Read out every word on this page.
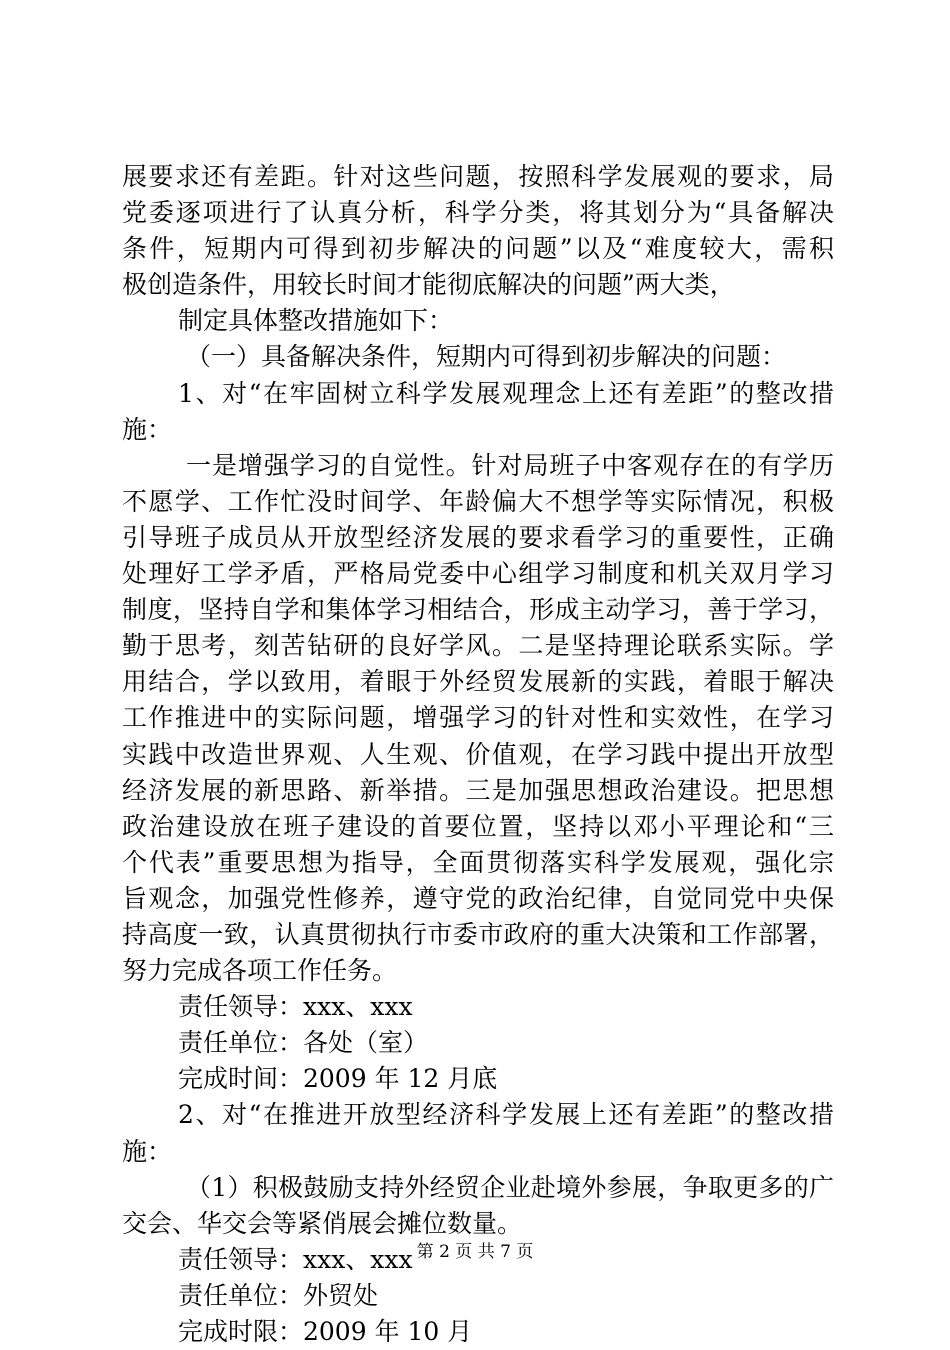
展要求还有差距。针对这些问题，按照科学发展观的要求，局
党委逐项进行了认真分析，科学分类，将其划分为“具备解决
条件，短期内可得到初步解决的问题”以及“难度较大，需积
极创造条件，用较长时间才能彻底解决的问题”两大类，
制定具体整改措施如下：
（一）具备解决条件，短期内可得到初步解决的问题：
1、对“在牢固树立科学发展观理念上还有差距”的整改措
施：
一是增强学习的自觉性。针对局班子中客观存在的有学历
不愿学、工作忙没时间学、年龄偏大不想学等实际情况，积极
引导班子成员从开放型经济发展的要求看学习的重要性，正确
处理好工学矛盾，严格局党委中心组学习制度和机关双月学习
制度，坚持自学和集体学习相结合，形成主动学习，善于学习，
勤于思考，刻苦钻研的良好学风。二是坚持理论联系实际。学
用结合，学以致用，着眼于外经贸发展新的实践，着眼于解决
工作推进中的实际问题，增强学习的针对性和实效性，在学习
实践中改造世界观、人生观、价值观，在学习践中提出开放型
经济发展的新思路、新举措。三是加强思想政治建设。把思想
政治建设放在班子建设的首要位置，坚持以邓小平理论和“三
个代表”重要思想为指导，全面贯彻落实科学发展观，强化宗
旨观念，加强党性修养，遵守党的政治纪律，自觉同党中央保
持高度一致，认真贯彻执行市委市政府的重大决策和工作部署，
努力完成各项工作任务。
责任领导：xxx、xxx
责任单位：各处（室）
完成时间：2009 年 12 月底
2、对“在推进开放型经济科学发展上还有差距”的整改措
施：
（1）积极鼓励支持外经贸企业赴境外参展，争取更多的广
交会、华交会等紧俏展会摊位数量。
责任领导：xxx、xxx
责任单位：外贸处
完成时限：2009 年 10 月
第 2 页 共 7 页
